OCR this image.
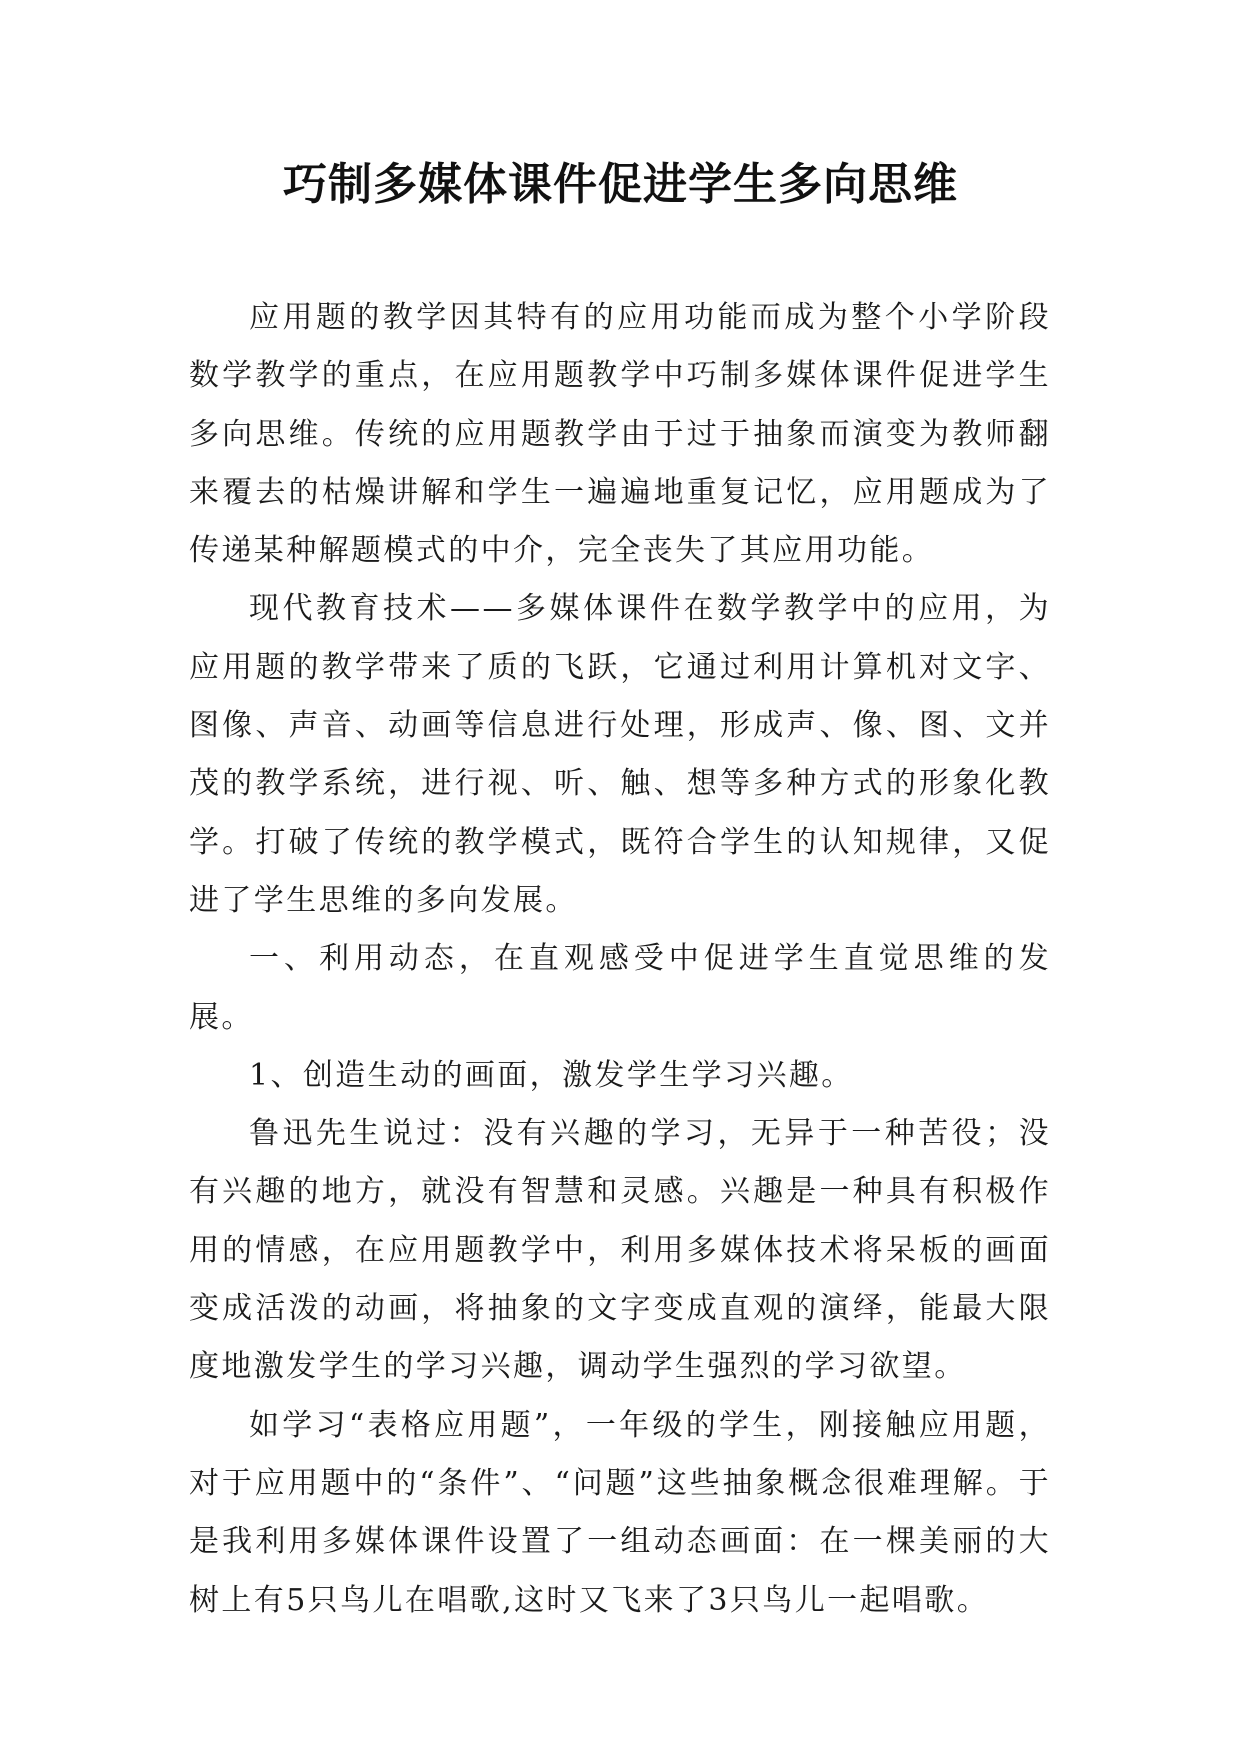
巧制多媒体课件促进学生多向思维

应用题的教学因其特有的应用功能而成为整个小学阶段数学教学的重点，在应用题教学中巧制多媒体课件促进学生多向思维。传统的应用题教学由于过于抽象而演变为教师翻来覆去的枯燥讲解和学生一遍遍地重复记忆，应用题成为了传递某种解题模式的中介，完全丧失了其应用功能。

现代教育技术——多媒体课件在数学教学中的应用，为应用题的教学带来了质的飞跃，它通过利用计算机对文字、图像、声音、动画等信息进行处理，形成声、像、图、文并茂的教学系统，进行视、听、触、想等多种方式的形象化教学。打破了传统的教学模式，既符合学生的认知规律，又促进了学生思维的多向发展。

一、利用动态，在直观感受中促进学生直觉思维的发展。

1、创造生动的画面，激发学生学习兴趣。

鲁迅先生说过：没有兴趣的学习，无异于一种苦役；没有兴趣的地方，就没有智慧和灵感。兴趣是一种具有积极作用的情感，在应用题教学中，利用多媒体技术将呆板的画面变成活泼的动画，将抽象的文字变成直观的演绎，能最大限度地激发学生的学习兴趣，调动学生强烈的学习欲望。

如学习“表格应用题”，一年级的学生，刚接触应用题，对于应用题中的“条件”、“问题”这些抽象概念很难理解。于是我利用多媒体课件设置了一组动态画面：在一棵美丽的大树上有5只鸟儿在唱歌,这时又飞来了3只鸟儿一起唱歌。
